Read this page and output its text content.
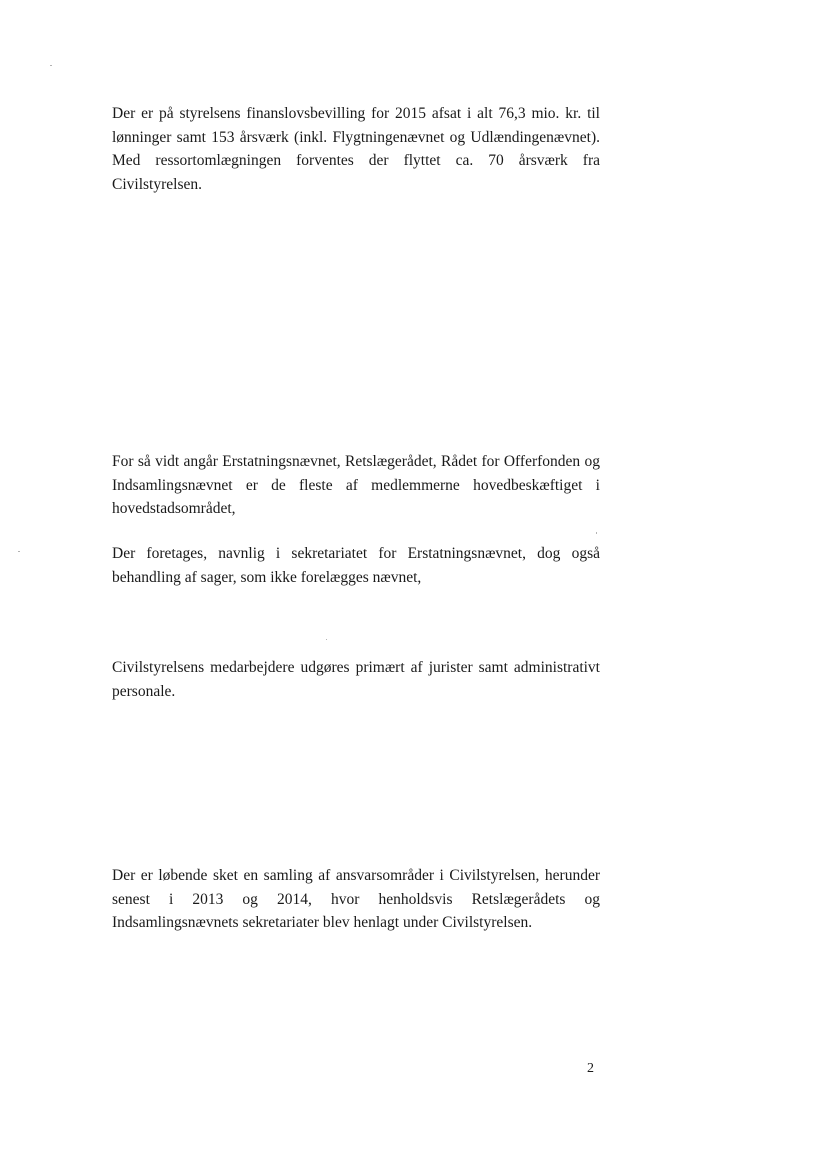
Der er på styrelsens finanslovsbevilling for 2015 afsat i alt 76,3 mio. kr. til lønninger samt 153 årsværk (inkl. Flygtningenævnet og Udlændingenævnet). Med ressortomlægningen forventes der flyttet ca. 70 årsværk fra Civilstyrelsen.

For så vidt angår Erstatningsnævnet, Retslægerådet, Rådet for Offerfonden og Indsamlingsnævnet er de fleste af medlemmerne hovedbeskæftiget i hovedstadsområdet,

Der foretages, navnlig i sekretariatet for Erstatningsnævnet, dog også behandling af sager, som ikke forelægges nævnet,

Civilstyrelsens medarbejdere udgøres primært af jurister samt administrativt personale.

Der er løbende sket en samling af ansvarsområder i Civilstyrelsen, herunder senest i 2013 og 2014, hvor henholdsvis Retslægerådets og Indsamlingsnævnets sekretariater blev henlagt under Civilstyrelsen.

2
